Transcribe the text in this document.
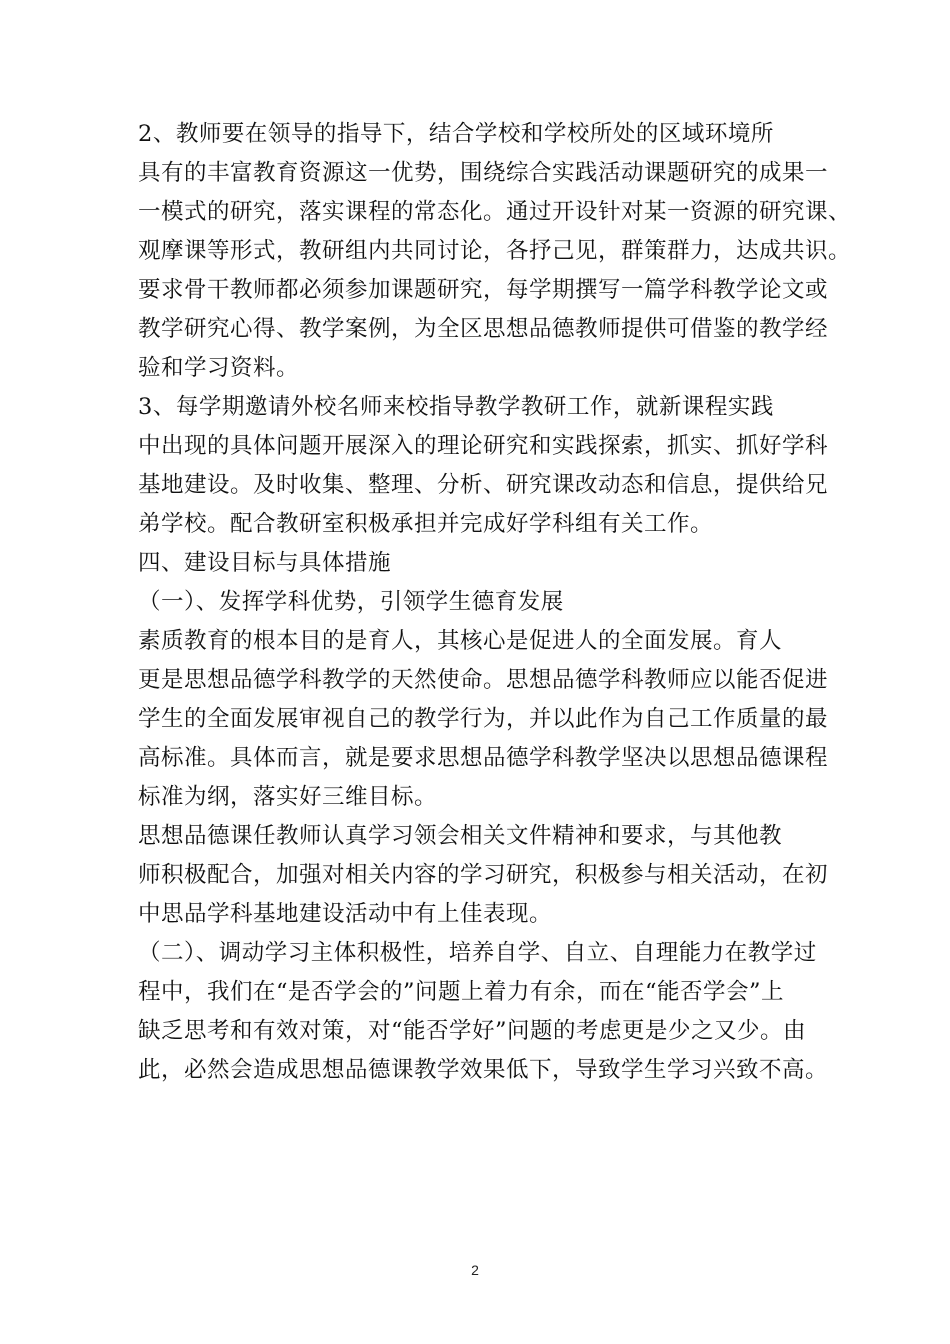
2、教师要在领导的指导下，结合学校和学校所处的区域环境所
具有的丰富教育资源这一优势，围绕综合实践活动课题研究的成果一
一模式的研究，落实课程的常态化。通过开设针对某一资源的研究课、
观摩课等形式，教研组内共同讨论，各抒己见，群策群力，达成共识。
要求骨干教师都必须参加课题研究，每学期撰写一篇学科教学论文或
教学研究心得、教学案例，为全区思想品德教师提供可借鉴的教学经
验和学习资料。
3、每学期邀请外校名师来校指导教学教研工作，就新课程实践
中出现的具体问题开展深入的理论研究和实践探索，抓实、抓好学科
基地建设。及时收集、整理、分析、研究课改动态和信息，提供给兄
弟学校。配合教研室积极承担并完成好学科组有关工作。
四、建设目标与具体措施
（一）、发挥学科优势，引领学生德育发展
素质教育的根本目的是育人，其核心是促进人的全面发展。育人
更是思想品德学科教学的天然使命。思想品德学科教师应以能否促进
学生的全面发展审视自己的教学行为，并以此作为自己工作质量的最
高标准。具体而言，就是要求思想品德学科教学坚决以思想品德课程
标准为纲，落实好三维目标。
思想品德课任教师认真学习领会相关文件精神和要求，与其他教
师积极配合，加强对相关内容的学习研究，积极参与相关活动，在初
中思品学科基地建设活动中有上佳表现。
（二）、调动学习主体积极性，培养自学、自立、自理能力在教学过
程中，我们在“是否学会的”问题上着力有余，而在“能否学会”上
缺乏思考和有效对策，对“能否学好”问题的考虑更是少之又少。由
此，必然会造成思想品德课教学效果低下，导致学生学习兴致不高。
2
